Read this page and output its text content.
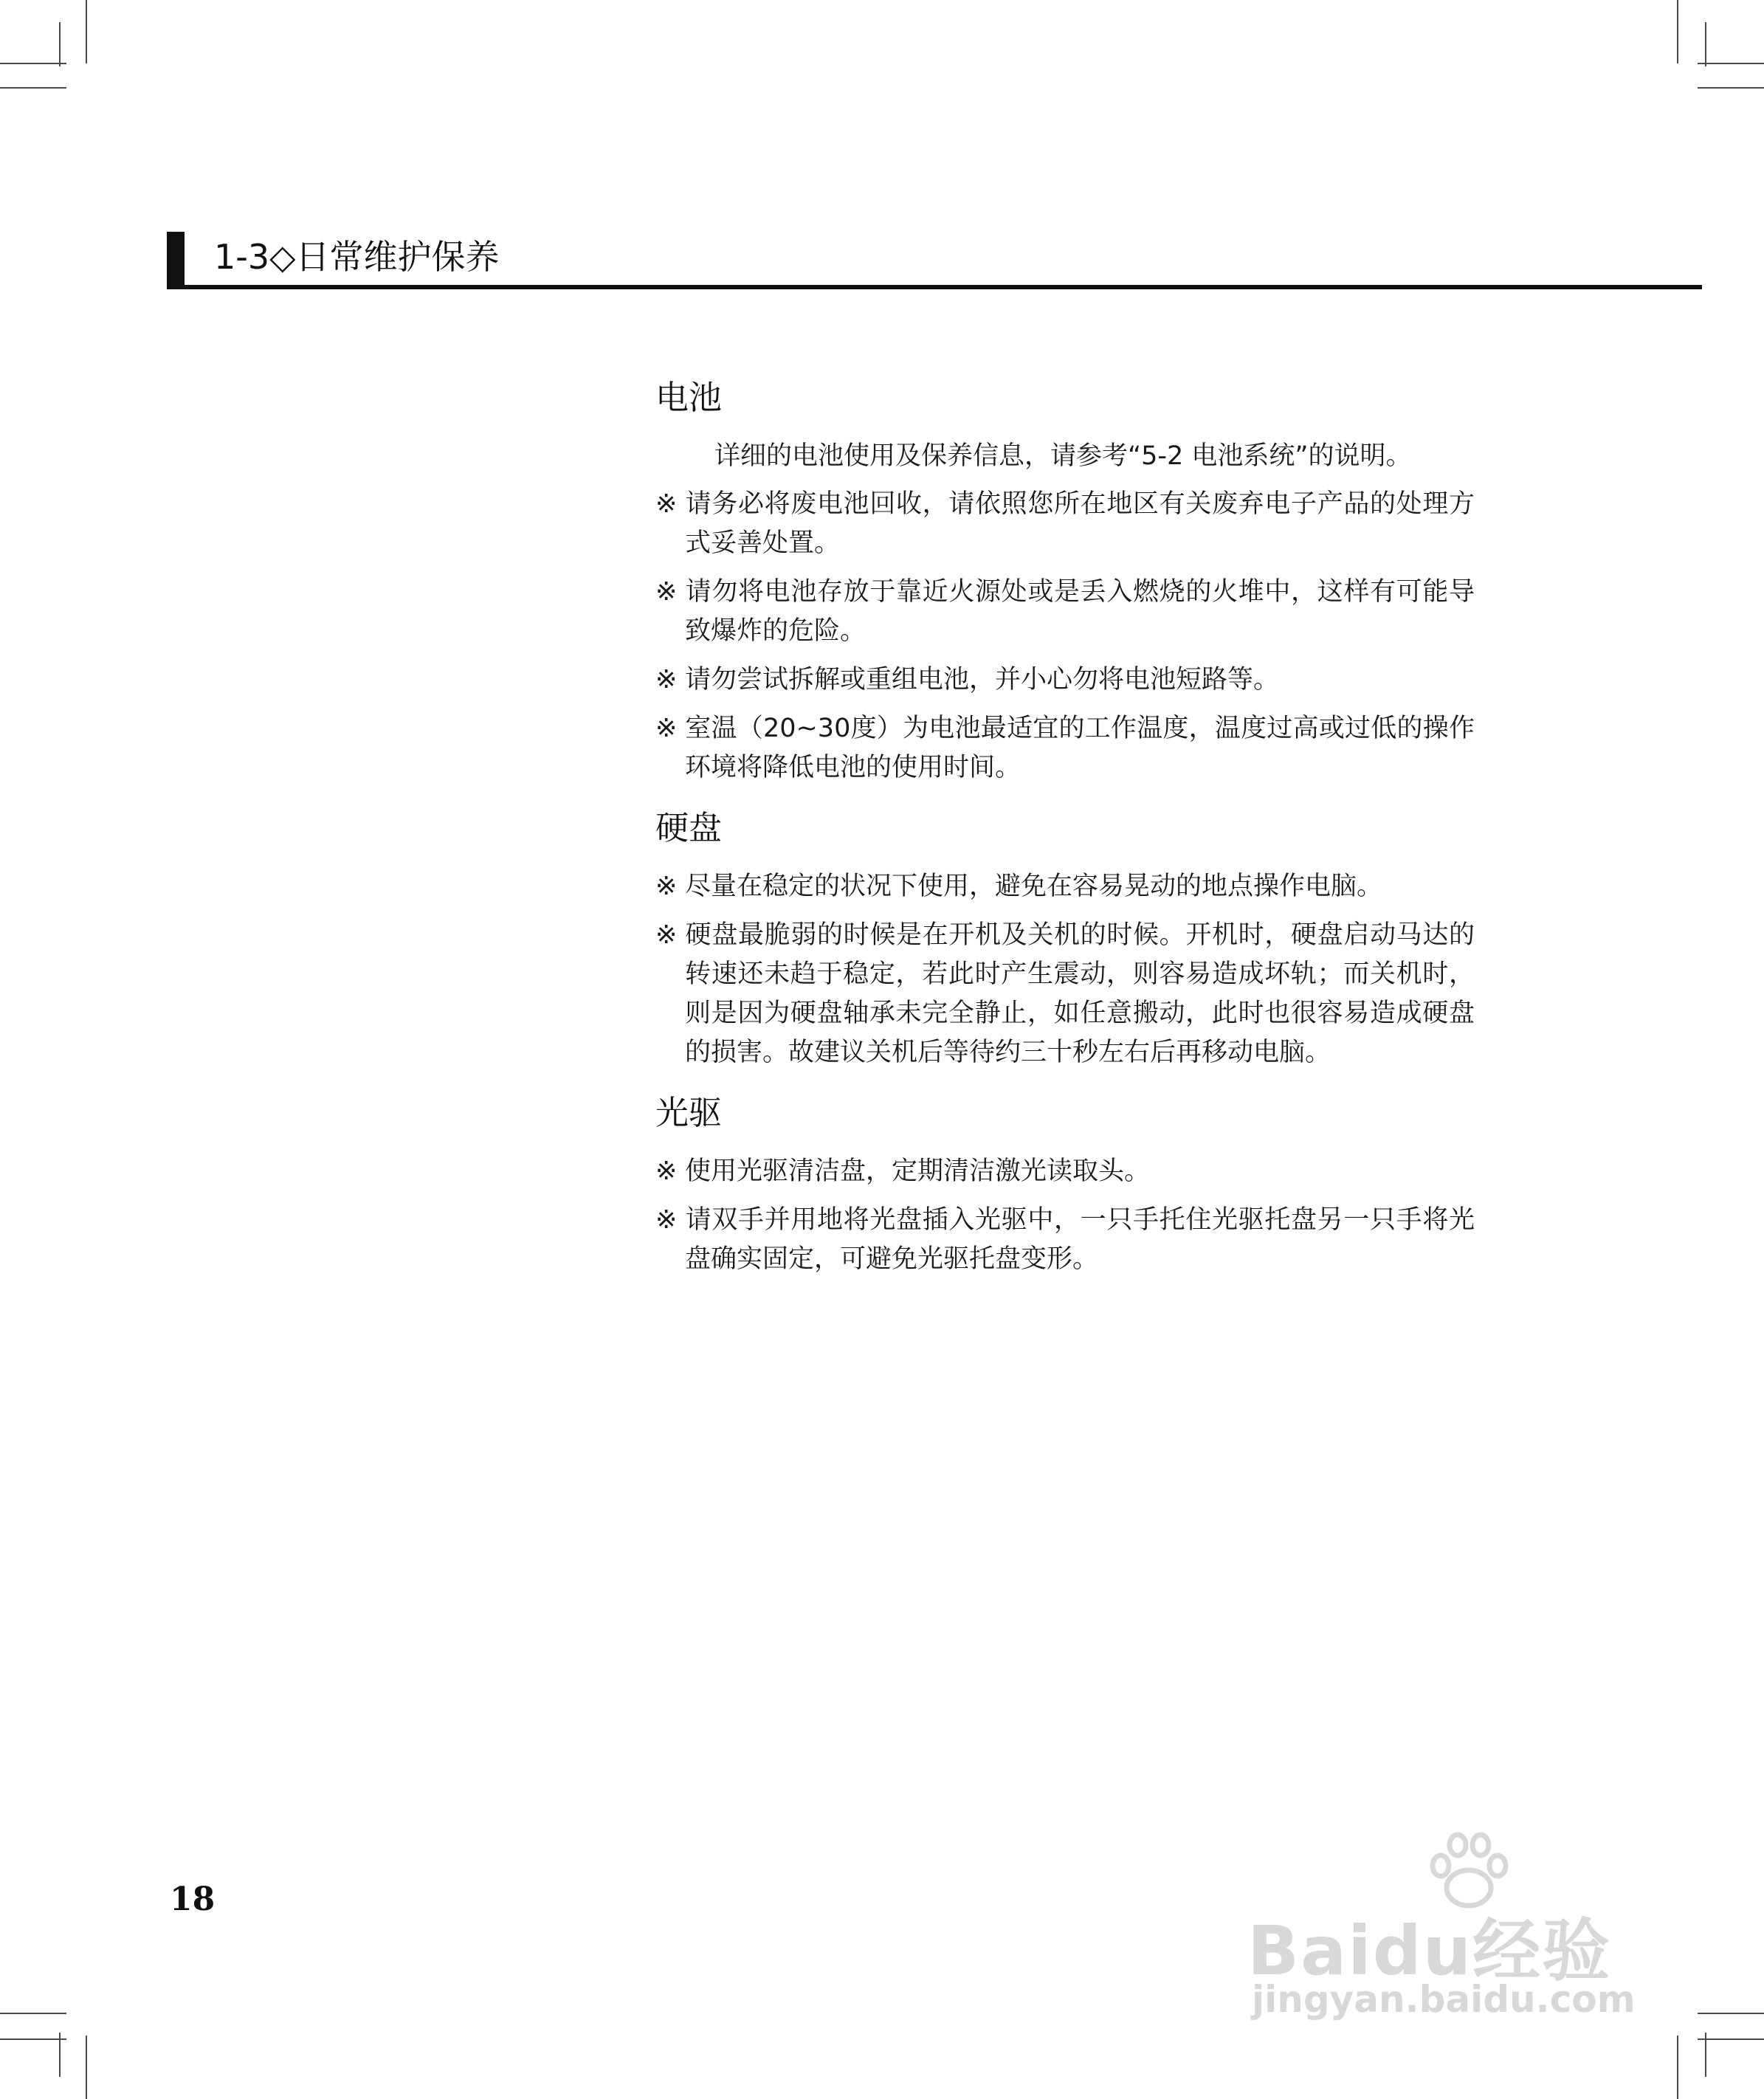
1-3◇日常维护保养
电池

详细的电池使用及保养信息，请参考“5-2 电池系统”的说明。

※ 请务必将废电池回收，请依照您所在地区有关废弃电子产品的处理方式妥善处置。

※ 请勿将电池存放于靠近火源处或是丢入燃烧的火堆中，这样有可能导致爆炸的危险。

※ 请勿尝试拆解或重组电池，并小心勿将电池短路等。

※ 室温（20~30度）为电池最适宜的工作温度，温度过高或过低的操作环境将降低电池的使用时间。

硬盘

※ 尽量在稳定的状况下使用，避免在容易晃动的地点操作电脑。

※ 硬盘最脆弱的时候是在开机及关机的时候。开机时，硬盘启动马达的转速还未趋于稳定，若此时产生震动，则容易造成坏轨；而关机时，则是因为硬盘轴承未完全静止，如任意搬动，此时也很容易造成硬盘的损害。故建议关机后等待约三十秒左右后再移动电脑。

光驱

※ 使用光驱清洁盘，定期清洁激光读取头。

※ 请双手并用地将光盘插入光驱中，一只手托住光驱托盘另一只手将光盘确实固定，可避免光驱托盘变形。

18
Baidu经验
jingyan.baidu.com
